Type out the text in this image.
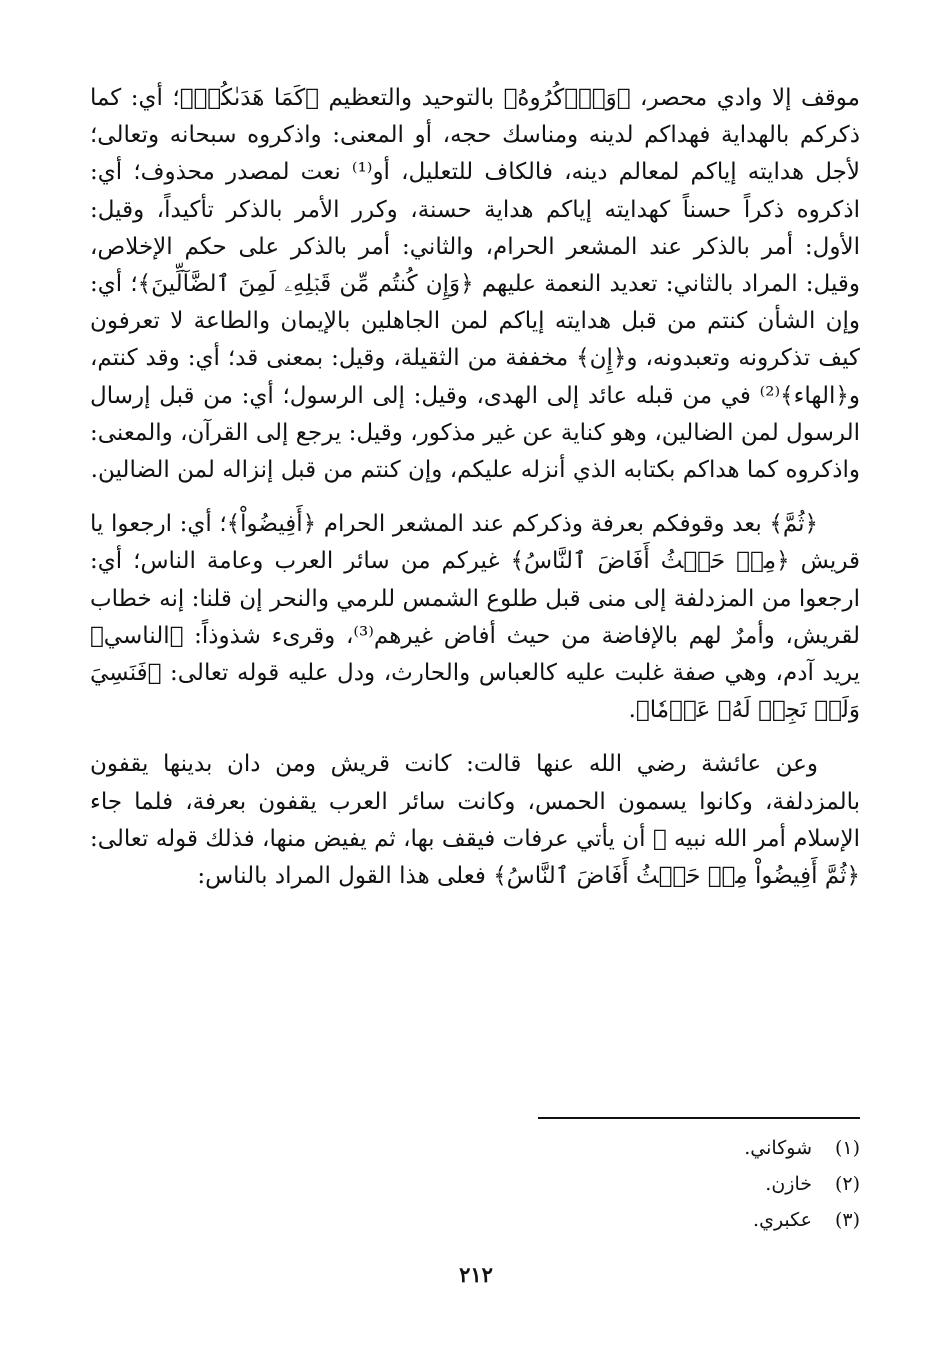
موقف إلا وادي محصر، ﴿وَٱذۡكُرُوهُ﴾ بالتوحيد والتعظيم ﴿كَمَا هَدَىٰكُمۡ﴾؛ أي: كما ذكركم بالهداية فهداكم لدينه ومناسك حجه، أو المعنى: واذكروه سبحانه وتعالى؛ لأجل هدايته إياكم لمعالم دينه، فالكاف للتعليل، أو⁽¹⁾ نعت لمصدر محذوف؛ أي: اذكروه ذكراً حسناً كهدايته إياكم هداية حسنة، وكرر الأمر بالذكر تأكيداً، وقيل: الأول: أمر بالذكر عند المشعر الحرام، والثاني: أمر بالذكر على حكم الإخلاص، وقيل: المراد بالثاني: تعديد النعمة عليهم ﴿وَإِن كُنتُم مِّن قَبۡلِهِۦ لَمِنَ ٱلضَّآلِّينَ﴾؛ أي: وإن الشأن كنتم من قبل هدايته إياكم لمن الجاهلين بالإيمان والطاعة لا تعرفون كيف تذكرونه وتعبدونه، و﴿إِن﴾ مخففة من الثقيلة، وقيل: بمعنى قد؛ أي: وقد كنتم، و﴿الهاء﴾⁽²⁾ في من قبله عائد إلى الهدى، وقيل: إلى الرسول؛ أي: من قبل إرسال الرسول لمن الضالين، وهو كناية عن غير مذكور، وقيل: يرجع إلى القرآن، والمعنى: واذكروه كما هداكم بكتابه الذي أنزله عليكم، وإن كنتم من قبل إنزاله لمن الضالين.

﴿ثُمَّ﴾ بعد وقوفكم بعرفة وذكركم عند المشعر الحرام ﴿أَفِيضُواْ﴾؛ أي: ارجعوا يا قريش ﴿مِنۡ حَيۡثُ أَفَاضَ ٱلنَّاسُ﴾ غيركم من سائر العرب وعامة الناس؛ أي: ارجعوا من المزدلفة إلى منى قبل طلوع الشمس للرمي والنحر إن قلنا: إنه خطاب لقريش، وأمرٌ لهم بالإفاضة من حيث أفاض غيرهم⁽³⁾، وقرىء شذوذاً: ﴿الناسي﴾ يريد آدم، وهي صفة غلبت عليه كالعباس والحارث، ودل عليه قوله تعالى: ﴿فَنَسِيَ وَلَمۡ نَجِدۡ لَهُۥ عَزۡمٗا﴾.

وعن عائشة رضي الله عنها قالت: كانت قريش ومن دان بدينها يقفون بالمزدلفة، وكانوا يسمون الحمس، وكانت سائر العرب يقفون بعرفة، فلما جاء الإسلام أمر الله نبيه ﷺ أن يأتي عرفات فيقف بها، ثم يفيض منها، فذلك قوله تعالى: ﴿ثُمَّ أَفِيضُواْ مِنۡ حَيۡثُ أَفَاضَ ٱلنَّاسُ﴾ فعلى هذا القول المراد بالناس:

(١)
شوكاني.
(٢)
خازن.
(٣)
عكبري.
٢١٢
